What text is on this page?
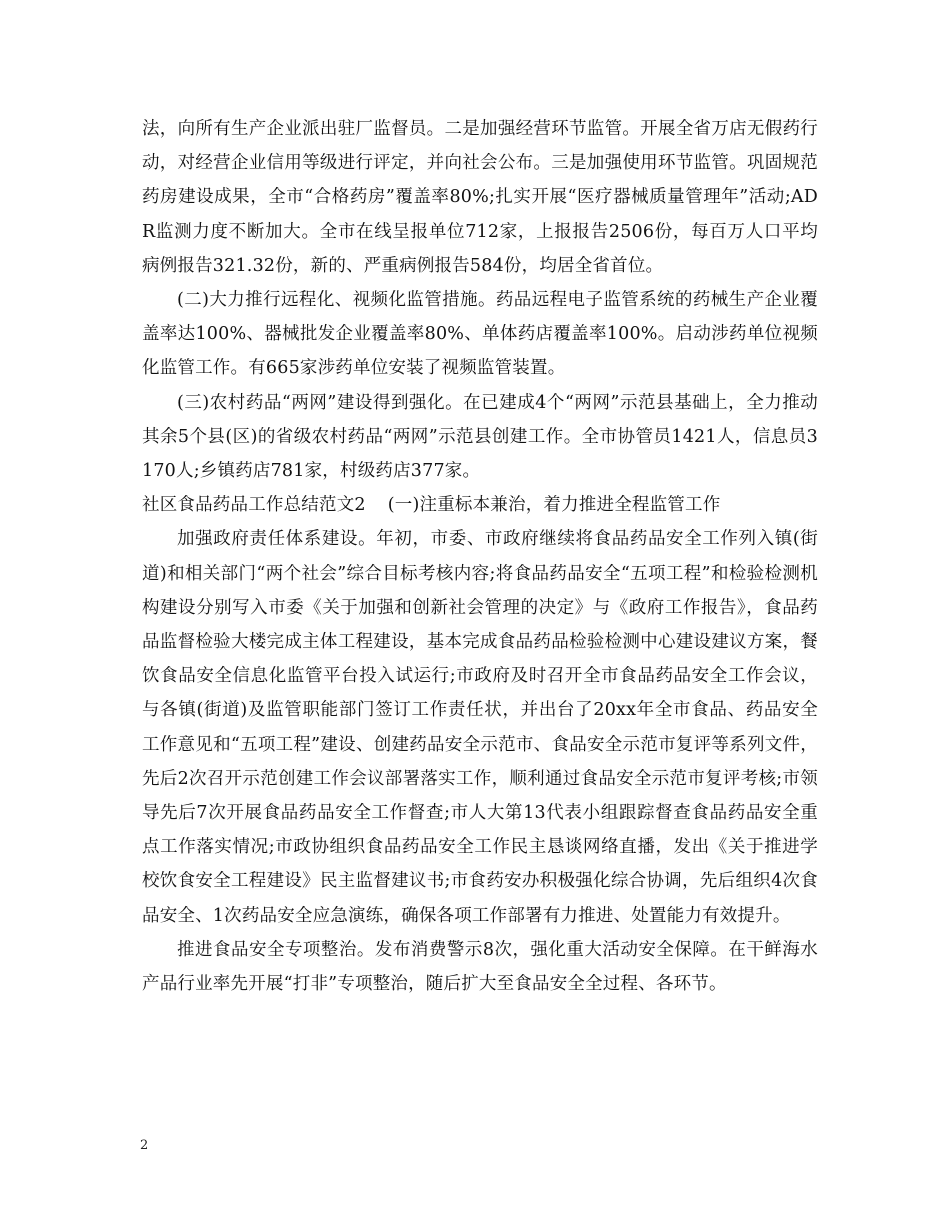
法，向所有生产企业派出驻厂监督员。二是加强经营环节监管。开展全省万店无假药行动，对经营企业信用等级进行评定，并向社会公布。三是加强使用环节监管。巩固规范药房建设成果，全市“合格药房”覆盖率80%;扎实开展“医疗器械质量管理年”活动;ADR监测力度不断加大。全市在线呈报单位712家，上报报告2506份，每百万人口平均病例报告321.32份，新的、严重病例报告584份，均居全省首位。

(二)大力推行远程化、视频化监管措施。药品远程电子监管系统的药械生产企业覆盖率达100%、器械批发企业覆盖率80%、单体药店覆盖率100%。启动涉药单位视频化监管工作。有665家涉药单位安装了视频监管装置。

(三)农村药品“两网”建设得到强化。在已建成4个“两网”示范县基础上，全力推动其余5个县(区)的省级农村药品“两网”示范县创建工作。全市协管员1421人，信息员3170人;乡镇药店781家，村级药店377家。

社区食品药品工作总结范文2 (一)注重标本兼治，着力推进全程监管工作

加强政府责任体系建设。年初，市委、市政府继续将食品药品安全工作列入镇(街道)和相关部门“两个社会”综合目标考核内容;将食品药品安全“五项工程”和检验检测机构建设分别写入市委《关于加强和创新社会管理的决定》与《政府工作报告》，食品药品监督检验大楼完成主体工程建设，基本完成食品药品检验检测中心建设建议方案，餐饮食品安全信息化监管平台投入试运行;市政府及时召开全市食品药品安全工作会议，与各镇(街道)及监管职能部门签订工作责任状，并出台了20xx年全市食品、药品安全工作意见和“五项工程”建设、创建药品安全示范市、食品安全示范市复评等系列文件，先后2次召开示范创建工作会议部署落实工作，顺利通过食品安全示范市复评考核;市领导先后7次开展食品药品安全工作督查;市人大第13代表小组跟踪督查食品药品安全重点工作落实情况;市政协组织食品药品安全工作民主恳谈网络直播，发出《关于推进学校饮食安全工程建设》民主监督建议书;市食药安办积极强化综合协调，先后组织4次食品安全、1次药品安全应急演练，确保各项工作部署有力推进、处置能力有效提升。

推进食品安全专项整治。发布消费警示8次，强化重大活动安全保障。在干鲜海水产品行业率先开展“打非”专项整治，随后扩大至食品安全全过程、各环节。

2
